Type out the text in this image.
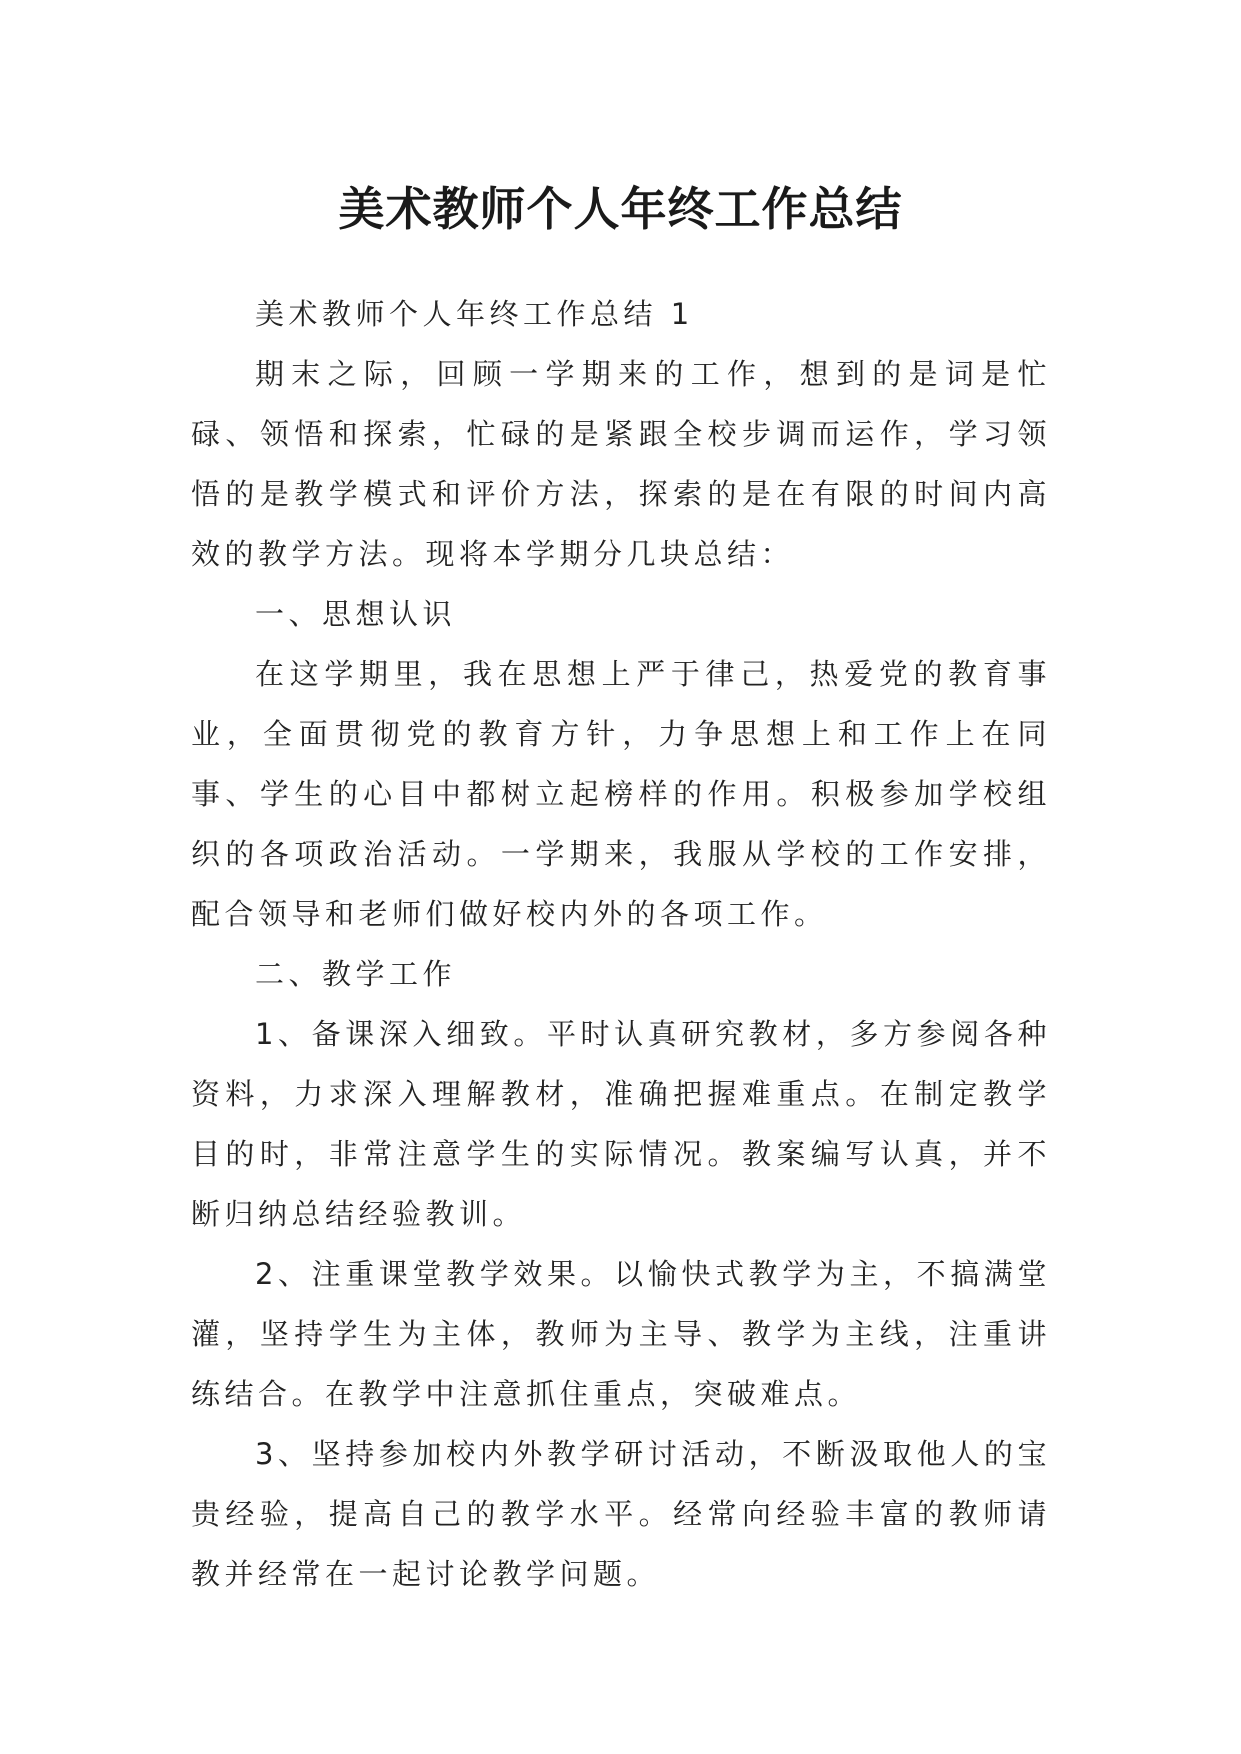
美术教师个人年终工作总结

美术教师个人年终工作总结 1

期末之际，回顾一学期来的工作，想到的是词是忙碌、领悟和探索，忙碌的是紧跟全校步调而运作，学习领悟的是教学模式和评价方法，探索的是在有限的时间内高效的教学方法。现将本学期分几块总结：

一、思想认识

在这学期里，我在思想上严于律己，热爱党的教育事业，全面贯彻党的教育方针，力争思想上和工作上在同事、学生的心目中都树立起榜样的作用。积极参加学校组织的各项政治活动。一学期来，我服从学校的工作安排，配合领导和老师们做好校内外的各项工作。

二、教学工作

1、备课深入细致。平时认真研究教材，多方参阅各种资料，力求深入理解教材，准确把握难重点。在制定教学目的时，非常注意学生的实际情况。教案编写认真，并不断归纳总结经验教训。

2、注重课堂教学效果。以愉快式教学为主，不搞满堂灌，坚持学生为主体，教师为主导、教学为主线，注重讲练结合。在教学中注意抓住重点，突破难点。

3、坚持参加校内外教学研讨活动，不断汲取他人的宝贵经验，提高自己的教学水平。经常向经验丰富的教师请教并经常在一起讨论教学问题。
